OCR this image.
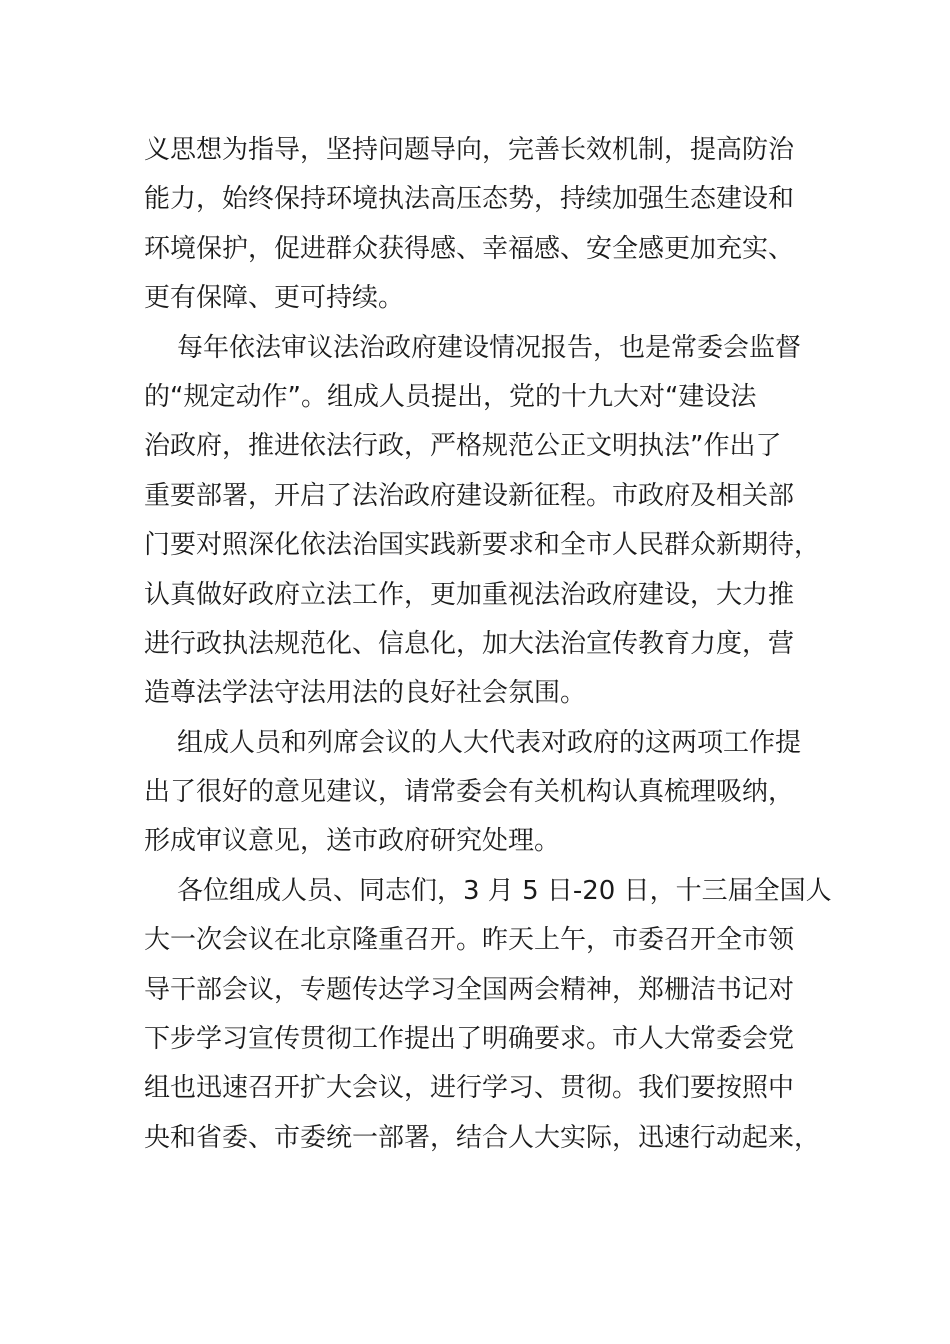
义思想为指导，坚持问题导向，完善长效机制，提高防治
能力，始终保持环境执法高压态势，持续加强生态建设和
环境保护，促进群众获得感、幸福感、安全感更加充实、
更有保障、更可持续。
每年依法审议法治政府建设情况报告，也是常委会监督
的“规定动作”。组成人员提出，党的十九大对“建设法
治政府，推进依法行政，严格规范公正文明执法”作出了
重要部署，开启了法治政府建设新征程。市政府及相关部
门要对照深化依法治国实践新要求和全市人民群众新期待，
认真做好政府立法工作，更加重视法治政府建设，大力推
进行政执法规范化、信息化，加大法治宣传教育力度，营
造尊法学法守法用法的良好社会氛围。
组成人员和列席会议的人大代表对政府的这两项工作提
出了很好的意见建议，请常委会有关机构认真梳理吸纳，
形成审议意见，送市政府研究处理。
各位组成人员、同志们，3 月 5 日-20 日，十三届全国人
大一次会议在北京隆重召开。昨天上午，市委召开全市领
导干部会议，专题传达学习全国两会精神，郑栅洁书记对
下步学习宣传贯彻工作提出了明确要求。市人大常委会党
组也迅速召开扩大会议，进行学习、贯彻。我们要按照中
央和省委、市委统一部署，结合人大实际，迅速行动起来，
